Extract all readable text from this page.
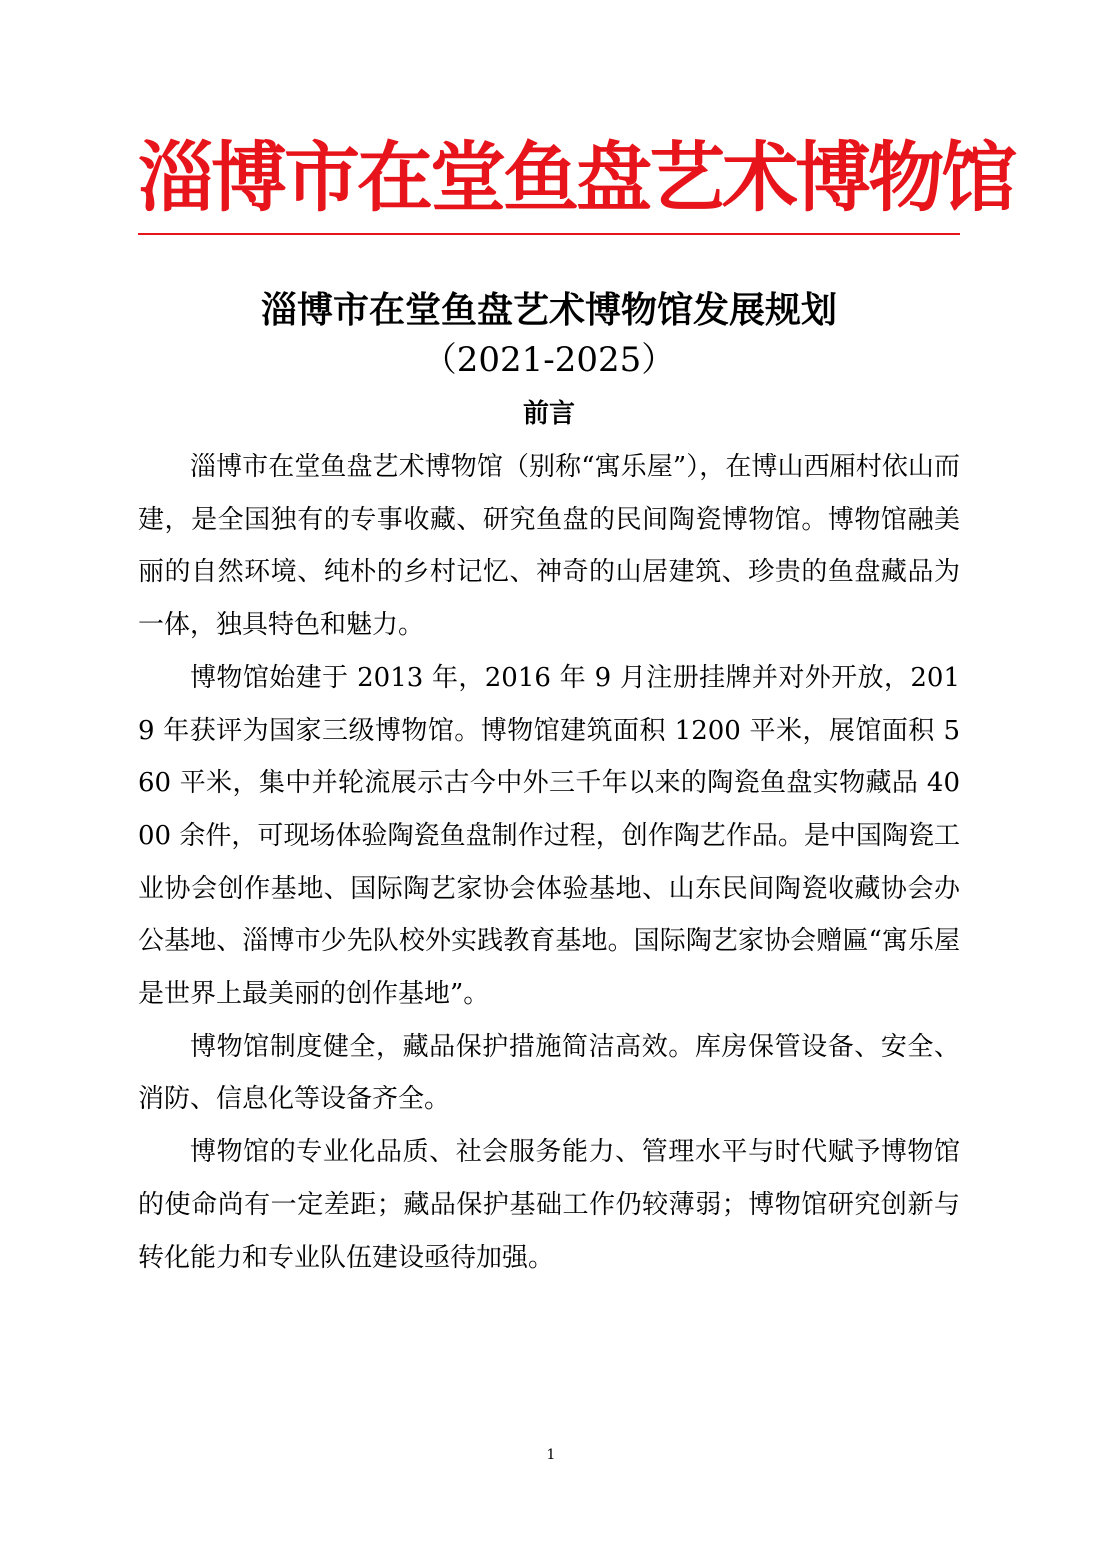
淄博市在堂鱼盘艺术博物馆
淄博市在堂鱼盘艺术博物馆发展规划
（2021-2025）
前言

淄博市在堂鱼盘艺术博物馆（别称“寓乐屋”），在博山西厢村依山而建，是全国独有的专事收藏、研究鱼盘的民间陶瓷博物馆。博物馆融美丽的自然环境、纯朴的乡村记忆、神奇的山居建筑、珍贵的鱼盘藏品为一体，独具特色和魅力。

博物馆始建于 2013 年，2016 年 9 月注册挂牌并对外开放，2019 年获评为国家三级博物馆。博物馆建筑面积 1200 平米，展馆面积 560 平米，集中并轮流展示古今中外三千年以来的陶瓷鱼盘实物藏品 4000 余件，可现场体验陶瓷鱼盘制作过程，创作陶艺作品。是中国陶瓷工业协会创作基地、国际陶艺家协会体验基地、山东民间陶瓷收藏协会办公基地、淄博市少先队校外实践教育基地。国际陶艺家协会赠匾“寓乐屋是世界上最美丽的创作基地”。

博物馆制度健全，藏品保护措施简洁高效。库房保管设备、安全、消防、信息化等设备齐全。

博物馆的专业化品质、社会服务能力、管理水平与时代赋予博物馆的使命尚有一定差距；藏品保护基础工作仍较薄弱；博物馆研究创新与转化能力和专业队伍建设亟待加强。

1
